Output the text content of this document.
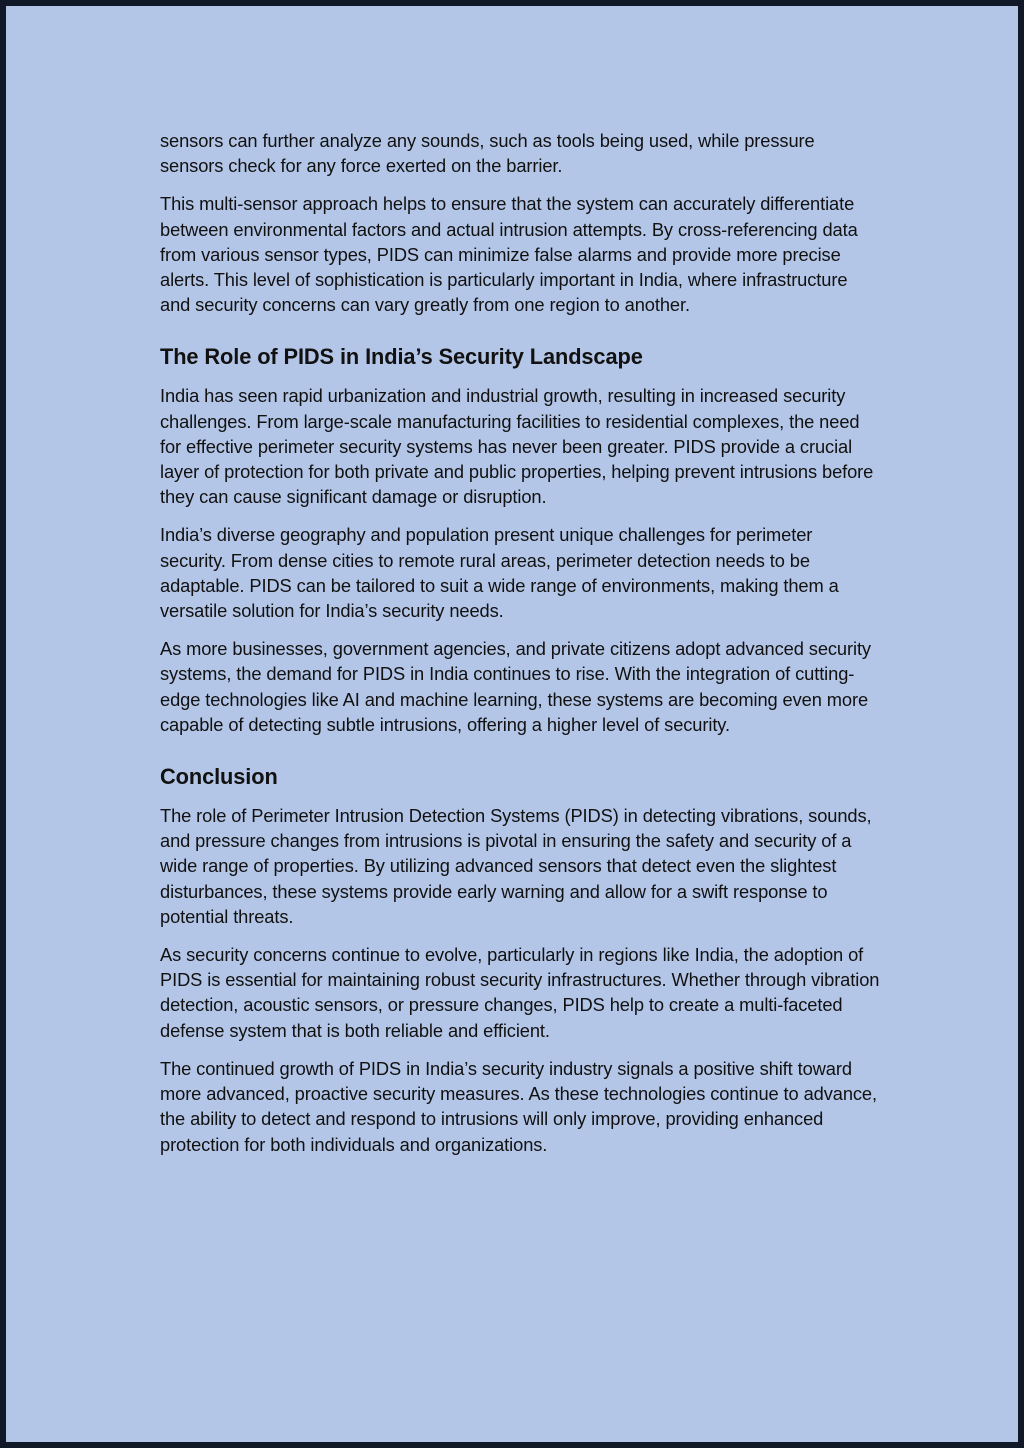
sensors can further analyze any sounds, such as tools being used, while pressure sensors check for any force exerted on the barrier.

This multi-sensor approach helps to ensure that the system can accurately differentiate between environmental factors and actual intrusion attempts. By cross-referencing data from various sensor types, PIDS can minimize false alarms and provide more precise alerts. This level of sophistication is particularly important in India, where infrastructure and security concerns can vary greatly from one region to another.

The Role of PIDS in India’s Security Landscape

India has seen rapid urbanization and industrial growth, resulting in increased security challenges. From large-scale manufacturing facilities to residential complexes, the need for effective perimeter security systems has never been greater. PIDS provide a crucial layer of protection for both private and public properties, helping prevent intrusions before they can cause significant damage or disruption.

India’s diverse geography and population present unique challenges for perimeter security. From dense cities to remote rural areas, perimeter detection needs to be adaptable. PIDS can be tailored to suit a wide range of environments, making them a versatile solution for India’s security needs.

As more businesses, government agencies, and private citizens adopt advanced security systems, the demand for PIDS in India continues to rise. With the integration of cutting-edge technologies like AI and machine learning, these systems are becoming even more capable of detecting subtle intrusions, offering a higher level of security.

Conclusion

The role of Perimeter Intrusion Detection Systems (PIDS) in detecting vibrations, sounds, and pressure changes from intrusions is pivotal in ensuring the safety and security of a wide range of properties. By utilizing advanced sensors that detect even the slightest disturbances, these systems provide early warning and allow for a swift response to potential threats.

As security concerns continue to evolve, particularly in regions like India, the adoption of PIDS is essential for maintaining robust security infrastructures. Whether through vibration detection, acoustic sensors, or pressure changes, PIDS help to create a multi-faceted defense system that is both reliable and efficient.

The continued growth of PIDS in India’s security industry signals a positive shift toward more advanced, proactive security measures. As these technologies continue to advance, the ability to detect and respond to intrusions will only improve, providing enhanced protection for both individuals and organizations.
